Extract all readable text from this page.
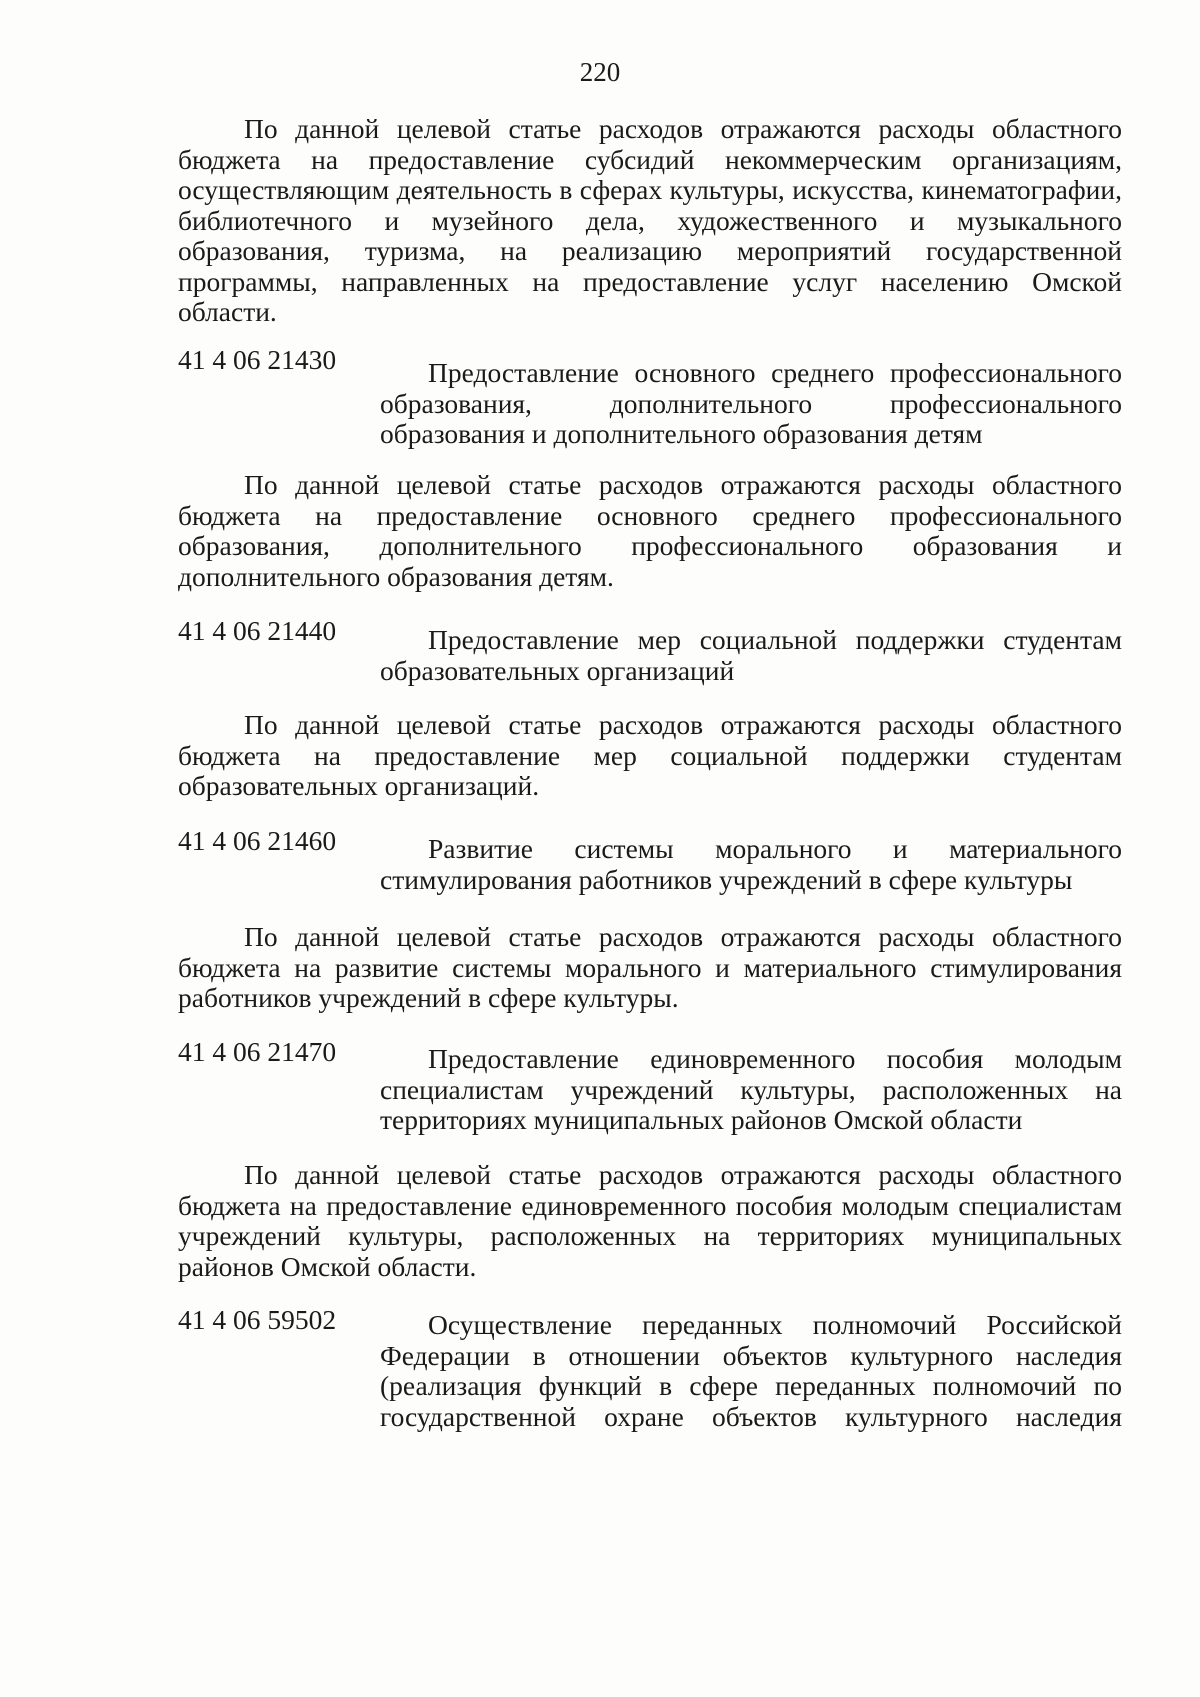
220
По данной целевой статье расходов отражаются расходы областного бюджета на предоставление субсидий некоммерческим организациям, осуществляющим деятельность в сферах культуры, искусства, кинематографии, библиотечного и музейного дела, художественного и музыкального образования, туризма, на реализацию мероприятий государственной программы, направленных на предоставление услуг населению Омской области.
41 4 06 21430	Предоставление основного среднего профессионального образования, дополнительного профессионального образования и дополнительного образования детям
По данной целевой статье расходов отражаются расходы областного бюджета на предоставление основного среднего профессионального образования, дополнительного профессионального образования и дополнительного образования детям.
41 4 06 21440	Предоставление мер социальной поддержки студентам образовательных организаций
По данной целевой статье расходов отражаются расходы областного бюджета на предоставление мер социальной поддержки студентам образовательных организаций.
41 4 06 21460	Развитие системы морального и материального стимулирования работников учреждений в сфере культуры
По данной целевой статье расходов отражаются расходы областного бюджета на развитие системы морального и материального стимулирования работников учреждений в сфере культуры.
41 4 06 21470	Предоставление единовременного пособия молодым специалистам учреждений культуры, расположенных на территориях муниципальных районов Омской области
По данной целевой статье расходов отражаются расходы областного бюджета на предоставление единовременного пособия молодым специалистам учреждений культуры, расположенных на территориях муниципальных районов Омской области.
41 4 06 59502	Осуществление переданных полномочий Российской Федерации в отношении объектов культурного наследия (реализация функций в сфере переданных полномочий по государственной охране объектов культурного наследия
